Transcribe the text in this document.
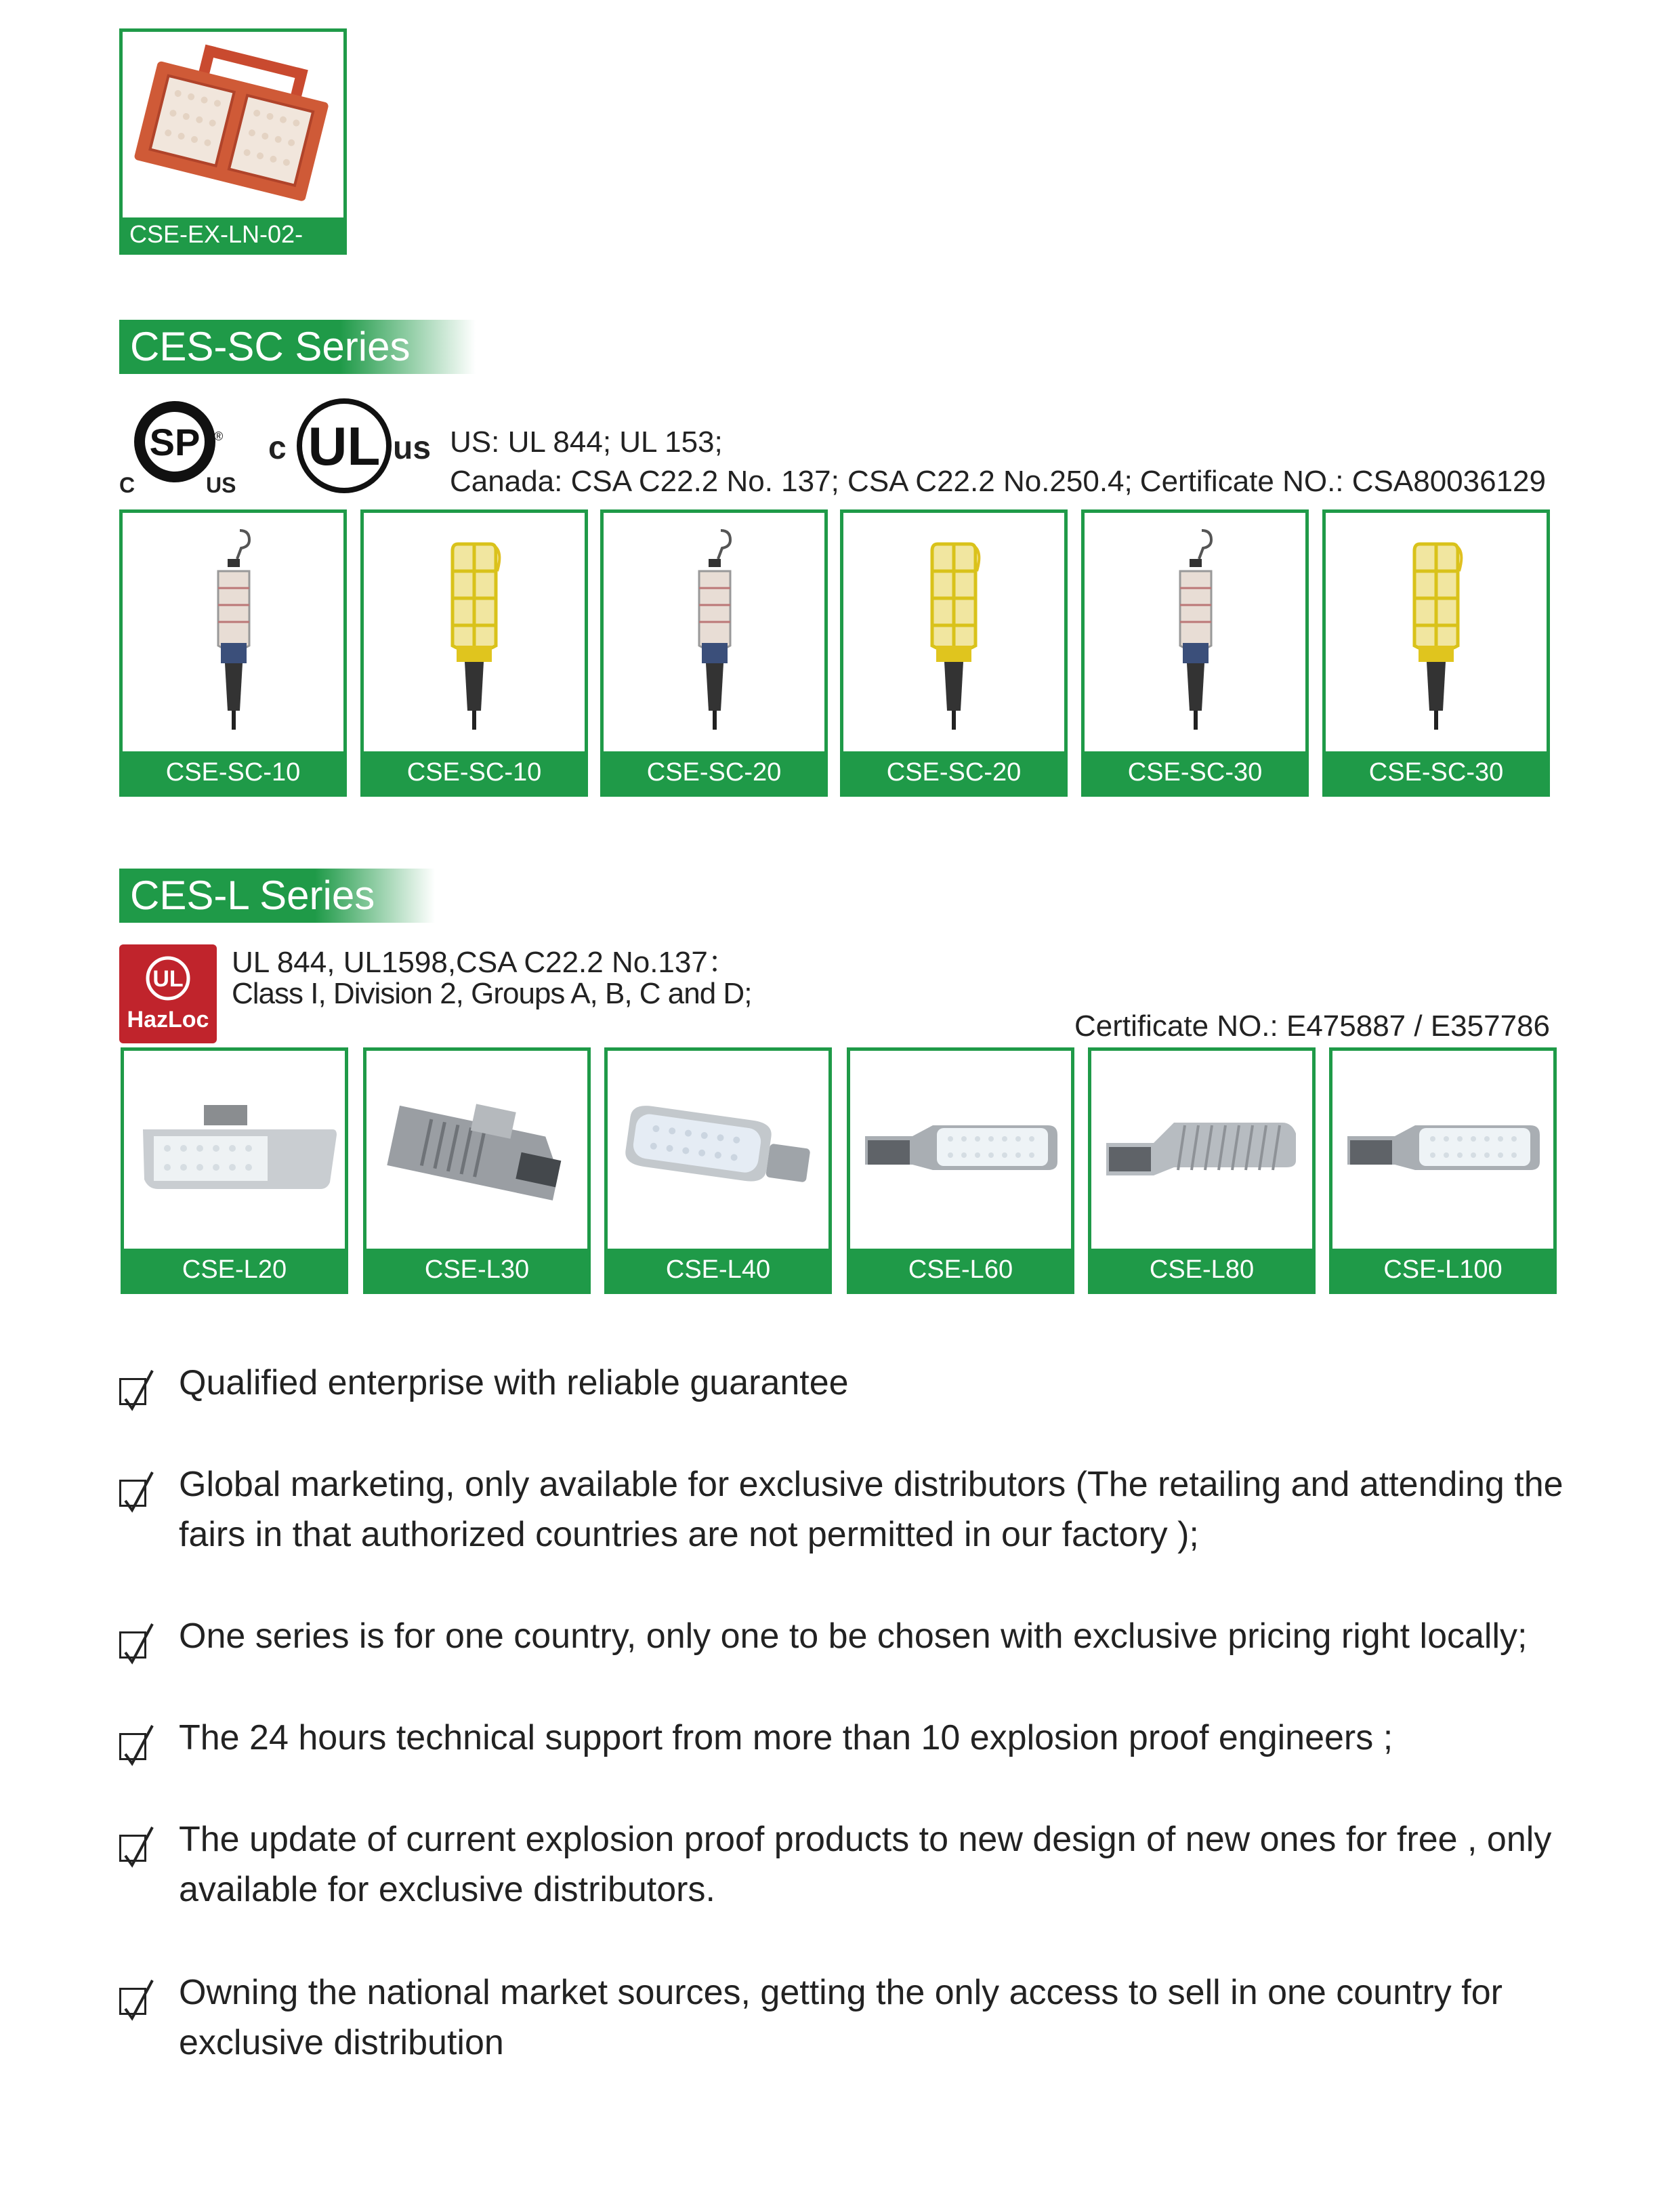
CSE-EX-LN-02-150
CES-SC Series
SP ®
C	US
UL
c	us US: UL 844; UL 153;
Canada: CSA C22.2 No. 137; CSA C22.2 No.250.4; Certificate NO.: CSA80036129
CSE-SC-10	CSE-SC-10	CSE-SC-20	CSE-SC-20	CSE-SC-30	CSE-SC-30
CES-L Series
UL
HazLoc
UL 844, UL1598,CSA C22.2 No.137：
Class I, Division 2, Groups A, B, C and D;
Certificate NO.: E475887 / E357786
CSE-L20	CSE-L30	CSE-L40	CSE-L60	CSE-L80	CSE-L100
Qualified enterprise with reliable guarantee
Global marketing, only available for exclusive distributors (The retailing and attending the fairs in that authorized countries are not permitted in our factory );
One series is for one country, only one to be chosen with exclusive pricing right locally;
The 24 hours technical support from more than 10 explosion proof engineers ;
The update of current explosion proof products to new design of new ones for free , only available for exclusive distributors.
Owning the national market sources, getting the only access to sell in one country for exclusive distribution
